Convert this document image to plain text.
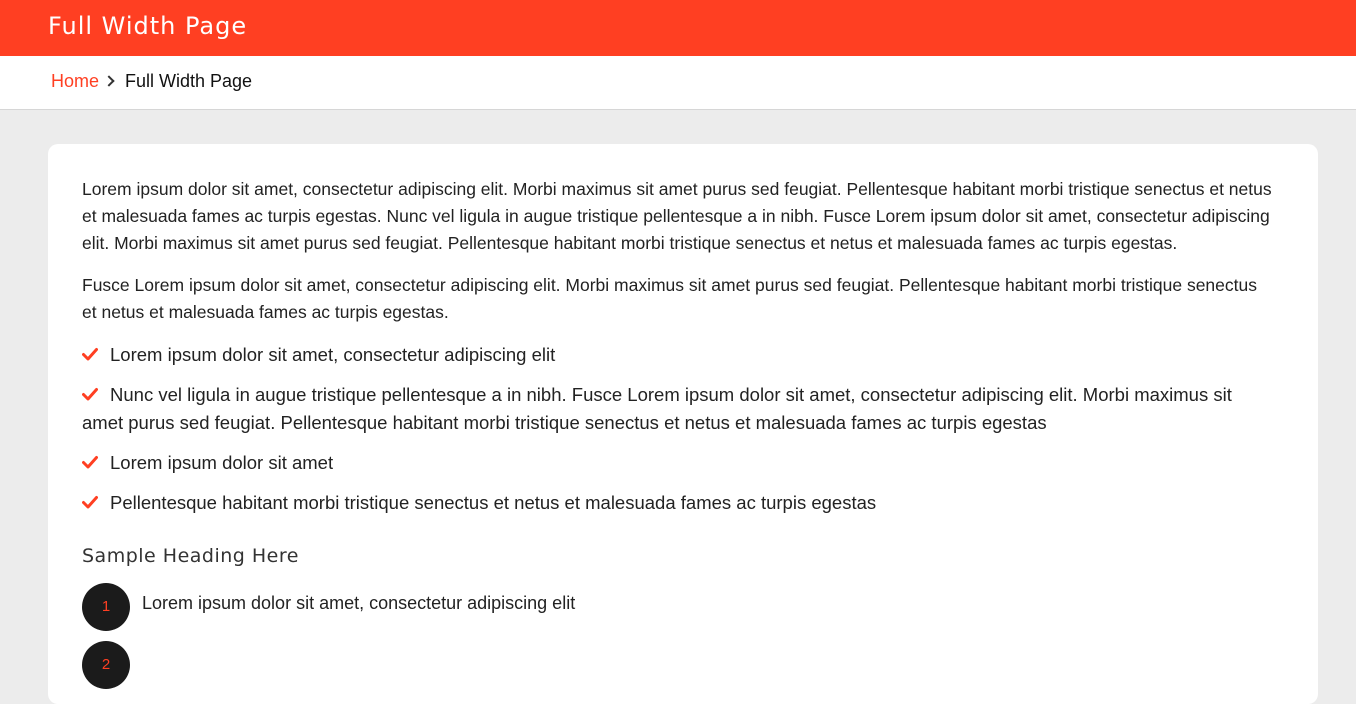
Full Width Page
Home Full Width Page

Lorem ipsum dolor sit amet, consectetur adipiscing elit. Morbi maximus sit amet purus sed feugiat. Pellentesque habitant morbi tristique senectus et netus et malesuada fames ac turpis egestas. Nunc vel ligula in augue tristique pellentesque a in nibh. Fusce Lorem ipsum dolor sit amet, consectetur adipiscing elit. Morbi maximus sit amet purus sed feugiat. Pellentesque habitant morbi tristique senectus et netus et malesuada fames ac turpis egestas.

Fusce Lorem ipsum dolor sit amet, consectetur adipiscing elit. Morbi maximus sit amet purus sed feugiat. Pellentesque habitant morbi tristique senectus et netus et malesuada fames ac turpis egestas.

Lorem ipsum dolor sit amet, consectetur adipiscing elit
Nunc vel ligula in augue tristique pellentesque a in nibh. Fusce Lorem ipsum dolor sit amet, consectetur adipiscing elit. Morbi maximus sit amet purus sed feugiat. Pellentesque habitant morbi tristique senectus et netus et malesuada fames ac turpis egestas
Lorem ipsum dolor sit amet
Pellentesque habitant morbi tristique senectus et netus et malesuada fames ac turpis egestas
Sample Heading Here
1	Lorem ipsum dolor sit amet, consectetur adipiscing elit
2
